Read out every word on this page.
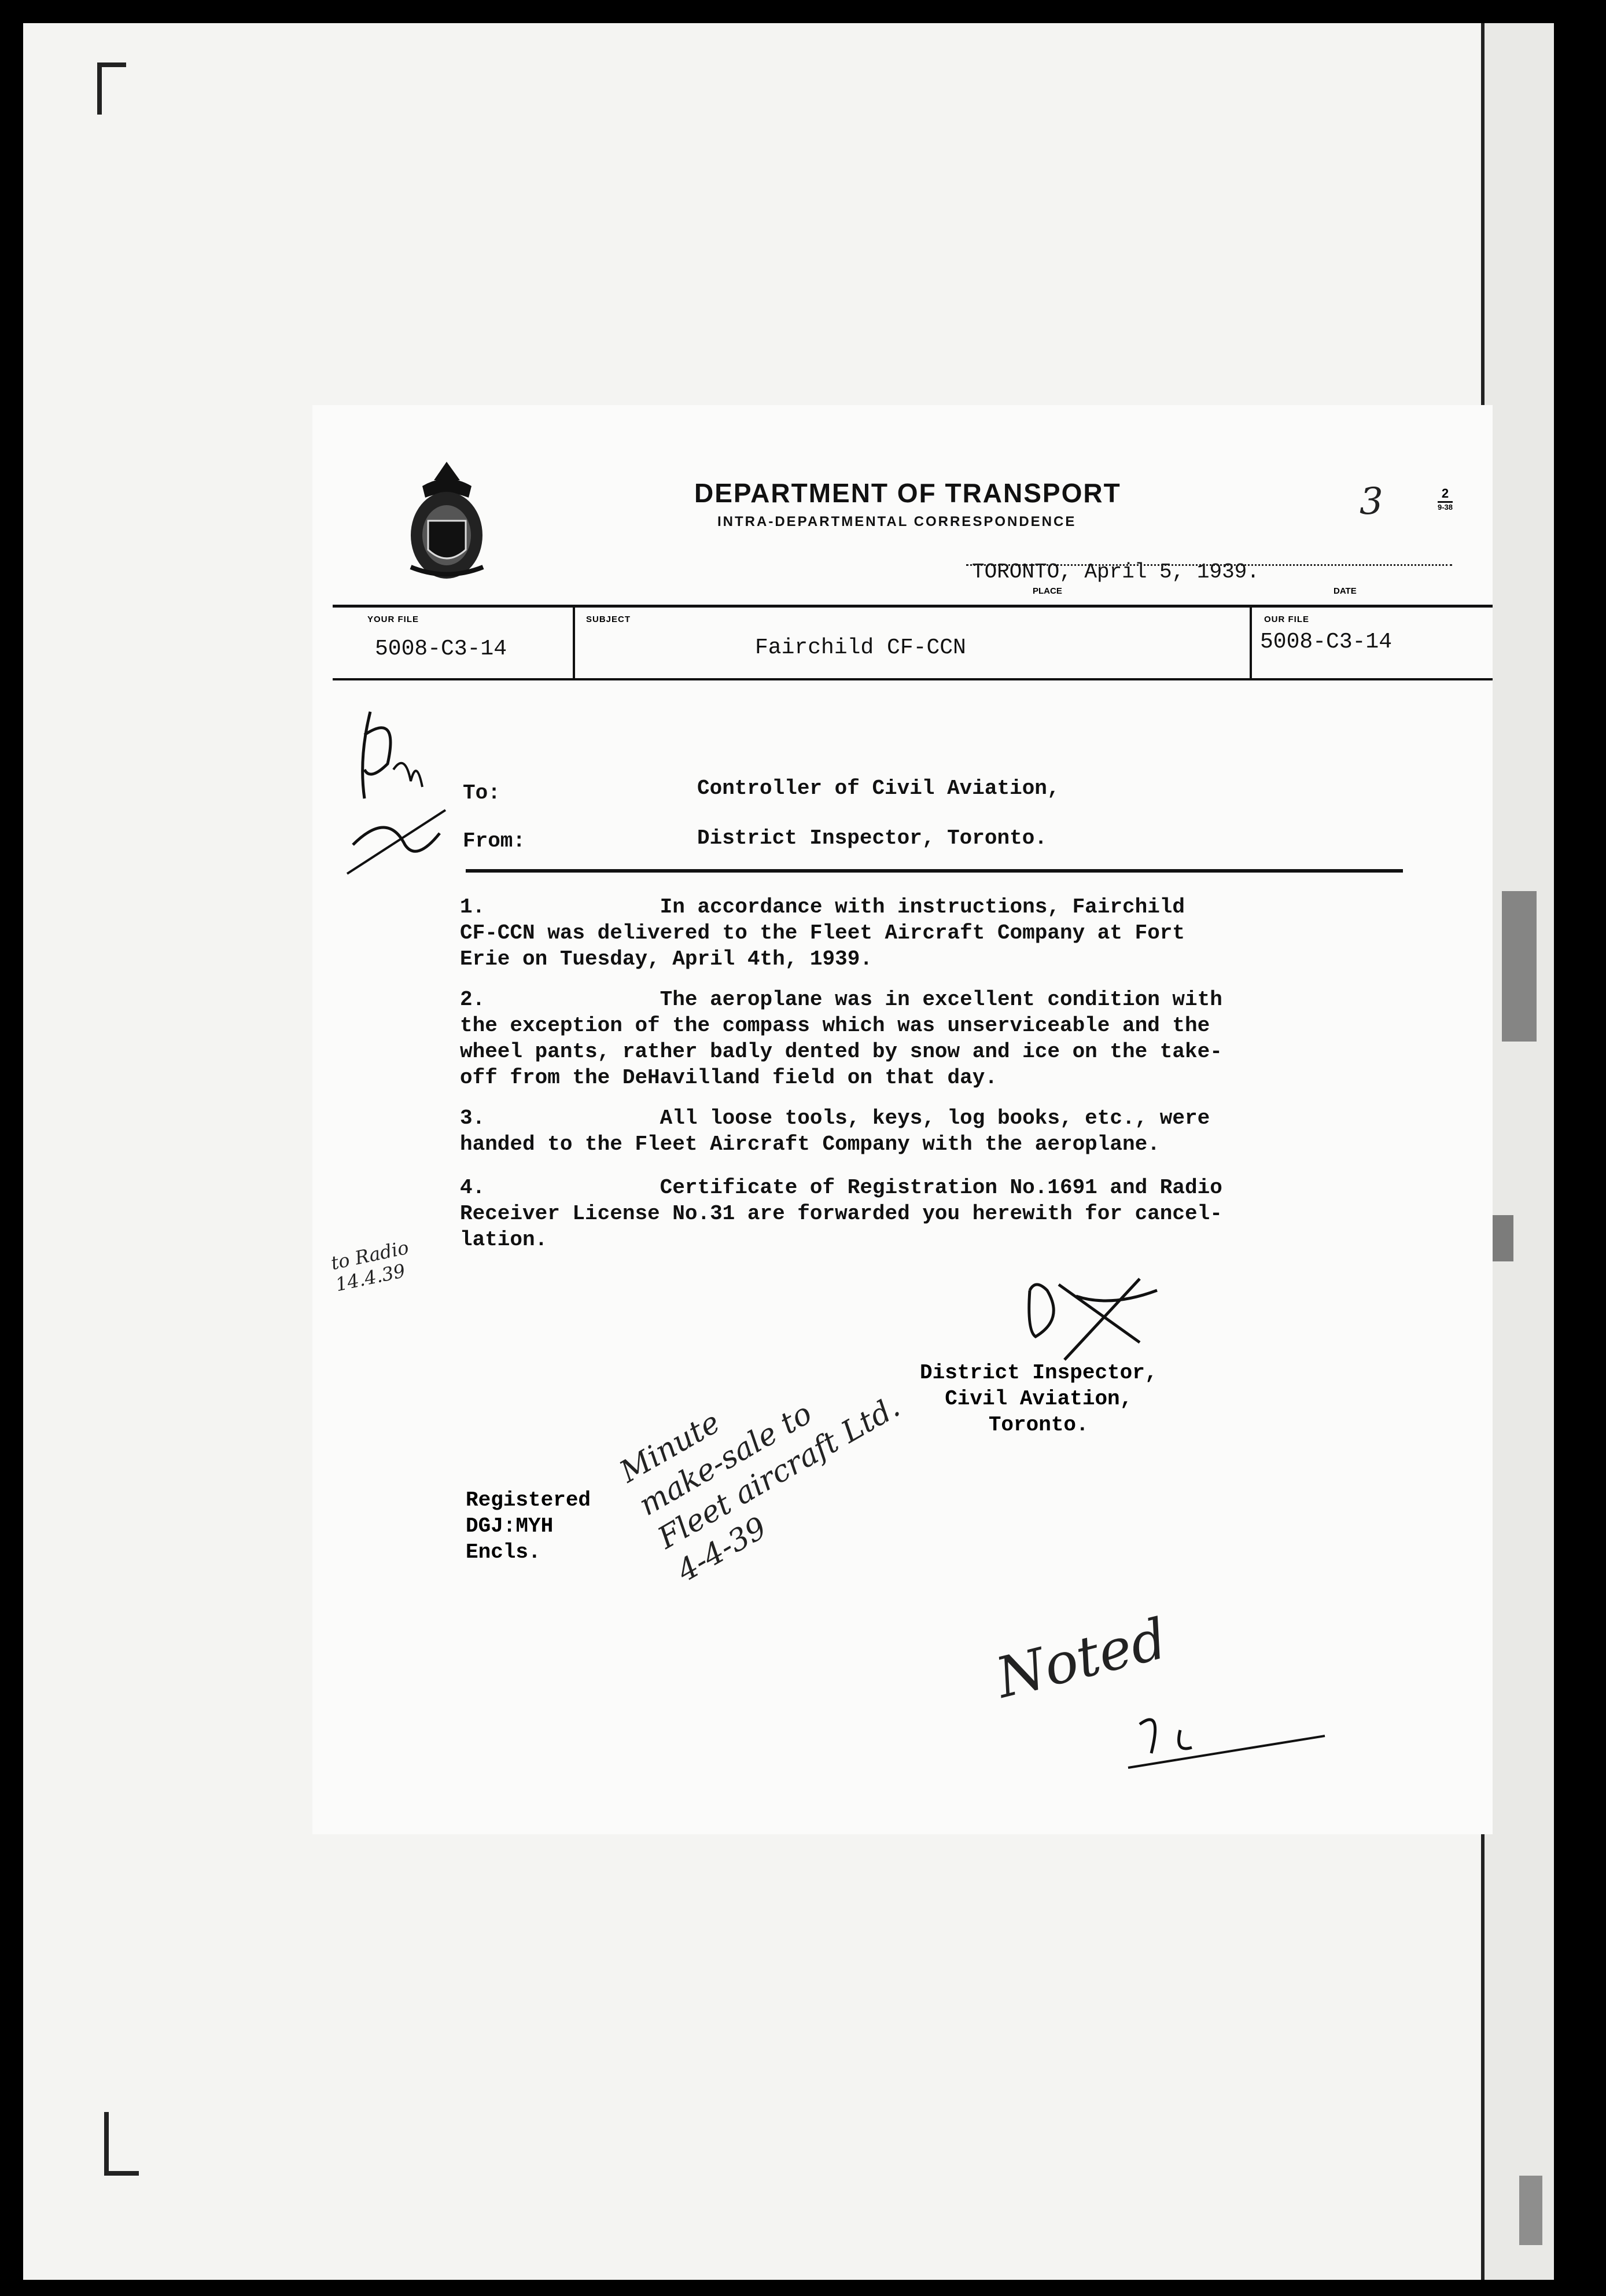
DEPARTMENT OF TRANSPORT
INTRA-DEPARTMENTAL CORRESPONDENCE
2
9-38
3
TORONTO, April 5, 1939.
PLACE	DATE
YOUR FILE
5008-C3-14
SUBJECT
Fairchild CF-CCN
OUR FILE
5008-C3-14
To:	Controller of Civil Aviation,
From:	District Inspector, Toronto.
1.              In accordance with instructions, Fairchild
CF-CCN was delivered to the Fleet Aircraft Company at Fort
Erie on Tuesday, April 4th, 1939.
2.              The aeroplane was in excellent condition with
the exception of the compass which was unserviceable and the
wheel pants, rather badly dented by snow and ice on the take-
off from the DeHavilland field on that day.
3.              All loose tools, keys, log books, etc., were
handed to the Fleet Aircraft Company with the aeroplane.
4.              Certificate of Registration No.1691 and Radio
Receiver License No.31 are forwarded you herewith for cancel-
lation.
District Inspector,
Civil Aviation,
Toronto.
Registered
DGJ:MYH
Encls.
to Radio
14.4.39
Minute
make-sale to
Fleet aircraft Ltd.
4-4-39
Noted
